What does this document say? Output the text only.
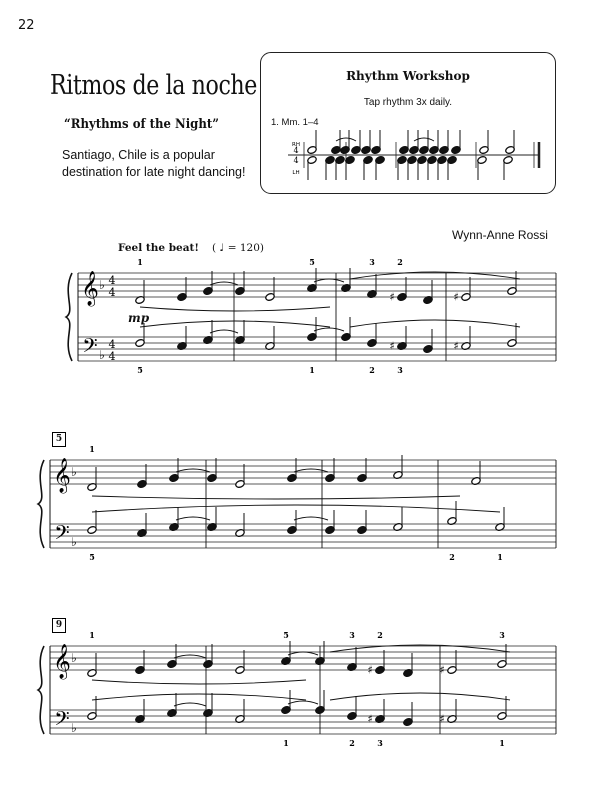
22
Ritmos de la noche
“Rhythms of the Night”
Santiago, Chile is a popular destination for late night dancing!
Rhythm Workshop
Tap rhythm 3x daily.
1. Mm. 1–4
Wynn-Anne Rossi
Feel the beat! ( ♩ = 120)
mp
5
9
RH
LH
4
4
𝄞
𝄢
♭
♭
4
4
4
4
𝄞
𝄢
♭
♭
𝄞
𝄢
♭
♭
♯	♯
♯	♯
1	5	3	2
5	1	2	3
1
5	2	1
♯	♯
♯	♯
1	5	3	2	3
1	2	3	1
